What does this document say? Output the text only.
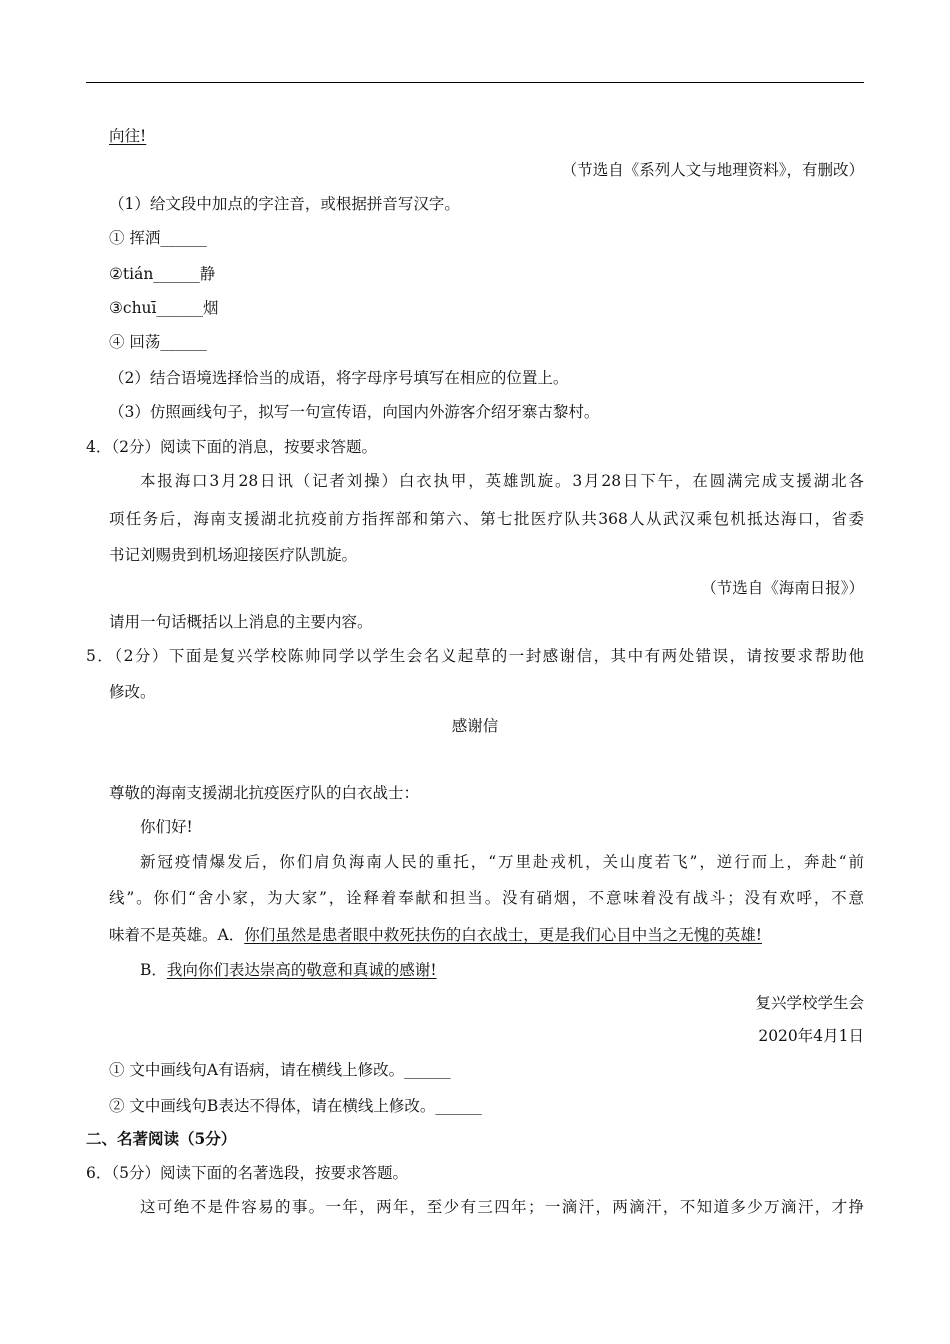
向往!
（节选自《系列人文与地理资料》，有删改）
（1）给文段中加点的字注音，或根据拼音写汉字。
① 挥洒______
②tián______静
③chuī______烟
④ 回荡______
（2）结合语境选择恰当的成语，将字母序号填写在相应的位置上。
（3）仿照画线句子，拟写一句宣传语，向国内外游客介绍牙寨古黎村。
4．（2分）阅读下面的消息，按要求答题。
本报海口3月28日讯（记者刘操）白衣执甲，英雄凯旋。3月28日下午，在圆满完成支援湖北各
项任务后，海南支援湖北抗疫前方指挥部和第六、第七批医疗队共368人从武汉乘包机抵达海口，省委
书记刘赐贵到机场迎接医疗队凯旋。
（节选自《海南日报》）
请用一句话概括以上消息的主要内容。
5．（2分）下面是复兴学校陈帅同学以学生会名义起草的一封感谢信，其中有两处错误，请按要求帮助他
修改。
感谢信
尊敬的海南支援湖北抗疫医疗队的白衣战士：
你们好!
新冠疫情爆发后，你们肩负海南人民的重托，“万里赴戎机，关山度若飞”，逆行而上，奔赴“前
线”。你们“舍小家，为大家”，诠释着奉献和担当。没有硝烟，不意味着没有战斗；没有欢呼，不意
味着不是英雄。A．你们虽然是患者眼中救死扶伤的白衣战士，更是我们心目中当之无愧的英雄!
B．我向你们表达崇高的敬意和真诚的感谢!
复兴学校学生会
2020年4月1日
① 文中画线句A有语病，请在横线上修改。______
② 文中画线句B表达不得体，请在横线上修改。______
二、名著阅读（5分）
6．（5分）阅读下面的名著选段，按要求答题。
这可绝不是件容易的事。一年，两年，至少有三四年；一滴汗，两滴汗，不知道多少万滴汗，才挣
